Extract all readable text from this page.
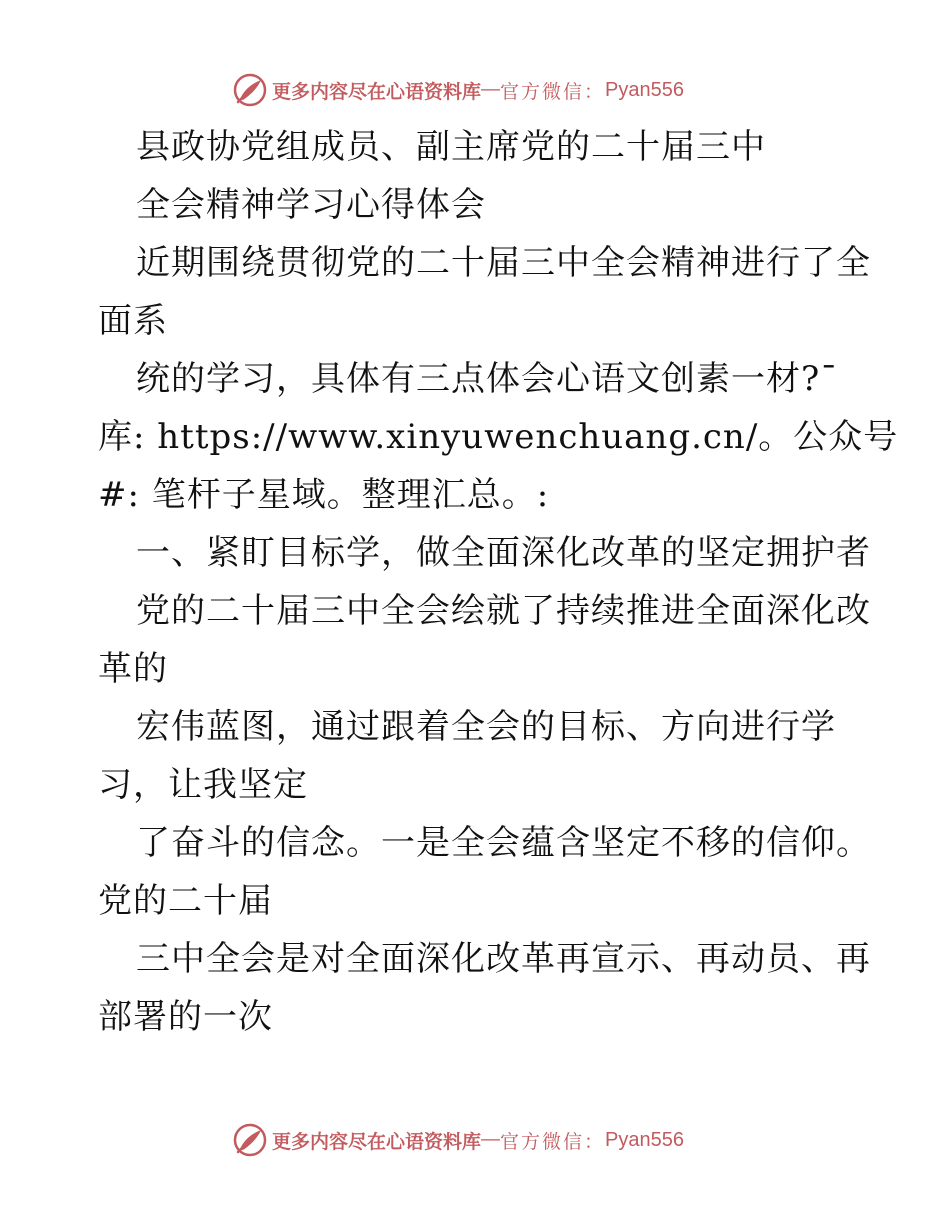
更多内容尽在心语资料库 — 官方微信： Pyan556
县政协党组成员、副主席党的二十届三中
全会精神学习心得体会
近期围绕贯彻党的二十届三中全会精神进行了全
面系
统的学习，具体有三点体会心语文创素一材?¯
库: https://www.xinyuwenchuang.cn/。公众号
#: 笔杆子星域。整理汇总。:
一、紧盯目标学，做全面深化改革的坚定拥护者
党的二十届三中全会绘就了持续推进全面深化改
革的
宏伟蓝图，通过跟着全会的目标、方向进行学
习，让我坚定
了奋斗的信念。一是全会蕴含坚定不移的信仰。
党的二十届
三中全会是对全面深化改革再宣示、再动员、再
部署的一次
更多内容尽在心语资料库 — 官方微信： Pyan556
